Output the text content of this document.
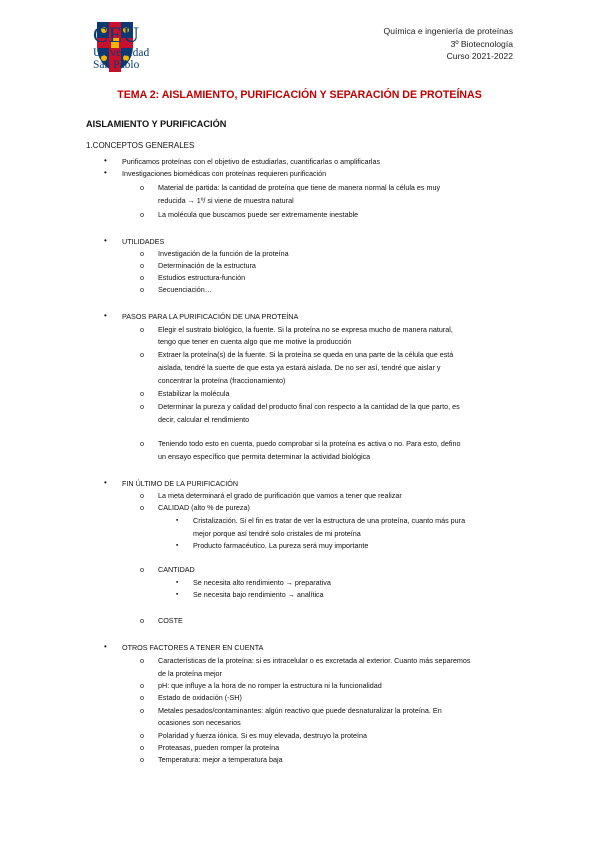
CEU
Universidad
San Pablo
Química e ingeniería de proteínas
3º Biotecnología
Curso 2021-2022
TEMA 2: AISLAMIENTO, PURIFICACIÓN Y SEPARACIÓN DE PROTEÍNAS
AISLAMIENTO Y PURIFICACIÓN
1.CONCEPTOS GENERALES
• Purificamos proteínas con el objetivo de estudiarlas, cuantificarlas o amplificarlas
• Investigaciones biomédicas con proteínas requieren purificación
o Material de partida: la cantidad de proteína que tiene de manera normal la célula es muy
reducida → 1º/ si viene de muestra natural
o La molécula que buscamos puede ser extremamente inestable
• UTILIDADES
o Investigación de la función de la proteína
o Determinación de la estructura
o Estudios estructura-función
o Secuenciación…
• PASOS PARA LA PURIFICACIÓN DE UNA PROTEÍNA
o Elegir el sustrato biológico, la fuente. Si la proteína no se expresa mucho de manera natural,
tengo que tener en cuenta algo que me motive la producción
o Extraer la proteína(s) de la fuente. Si la proteína se queda en una parte de la célula que está
aislada, tendré la suerte de que esta ya estará aislada. De no ser así, tendré que aislar y
concentrar la proteína (fraccionamiento)
o Estabilizar la molécula
o Determinar la pureza y calidad del producto final con respecto a la cantidad de la que parto, es
decir, calcular el rendimiento
o Teniendo todo esto en cuenta, puedo comprobar si la proteína es activa o no. Para esto, defino
un ensayo específico que permita determinar la actividad biológica
• FIN ÚLTIMO DE LA PURIFICACIÓN
o La meta determinará el grado de purificación que vamos a tener que realizar
o CALIDAD (alto % de pureza)
▪ Cristalización. Si el fin es tratar de ver la estructura de una proteína, cuanto más pura
mejor porque así tendré solo cristales de mi proteína
▪ Producto farmacéutico. La pureza será muy importante
o CANTIDAD
▪ Se necesita alto rendimiento → preparativa
▪ Se necesita bajo rendimiento → analítica
o COSTE
• OTROS FACTORES A TENER EN CUENTA
o Características de la proteína: si es intracelular o es excretada al exterior. Cuanto más separemos
de la proteína mejor
o pH: que influye a la hora de no romper la estructura ni la funcionalidad
o Estado de oxidación (-SH)
o Metales pesados/contaminantes: algún reactivo que puede desnaturalizar la proteína. En
ocasiones son necesarios
o Polaridad y fuerza iónica. Si es muy elevada, destruyo la proteína
o Proteasas, pueden romper la proteína
o Temperatura: mejor a temperatura baja
